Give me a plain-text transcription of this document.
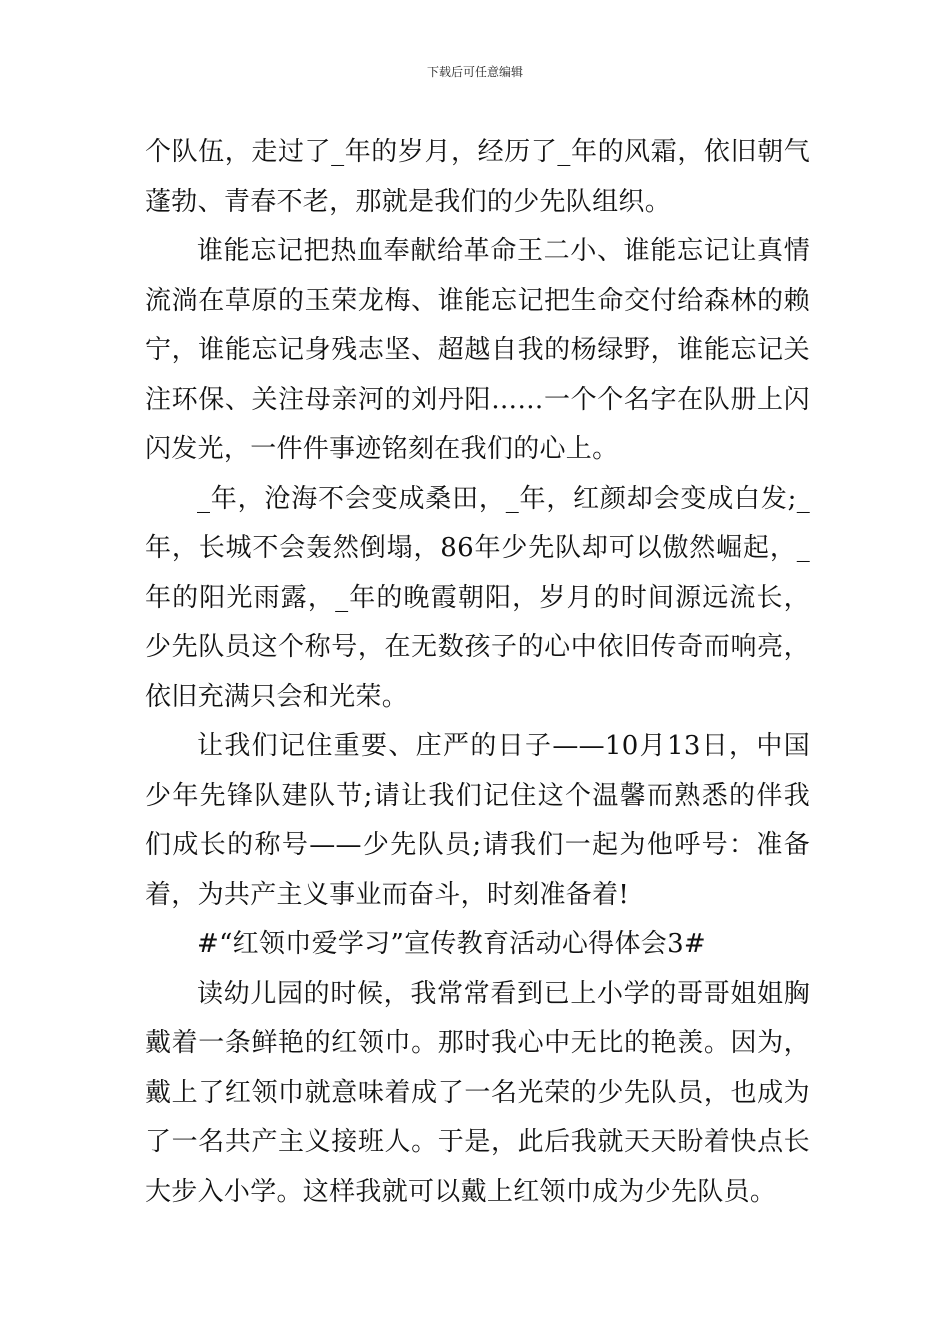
下载后可任意编辑

个队伍，走过了_年的岁月，经历了_年的风霜，依旧朝气蓬勃、青春不老，那就是我们的少先队组织。

谁能忘记把热血奉献给革命王二小、谁能忘记让真情流淌在草原的玉荣龙梅、谁能忘记把生命交付给森林的赖宁，谁能忘记身残志坚、超越自我的杨绿野，谁能忘记关注环保、关注母亲河的刘丹阳……一个个名字在队册上闪闪发光，一件件事迹铭刻在我们的心上。

_年，沧海不会变成桑田，_年，红颜却会变成白发;_年，长城不会轰然倒塌，86年少先队却可以傲然崛起，_年的阳光雨露，_年的晚霞朝阳，岁月的时间源远流长，少先队员这个称号，在无数孩子的心中依旧传奇而响亮，依旧充满只会和光荣。

让我们记住重要、庄严的日子——10月13日，中国少年先锋队建队节;请让我们记住这个温馨而熟悉的伴我们成长的称号——少先队员;请我们一起为他呼号：准备着，为共产主义事业而奋斗，时刻准备着!

#“红领巾爱学习”宣传教育活动心得体会3#

读幼儿园的时候，我常常看到已上小学的哥哥姐姐胸戴着一条鲜艳的红领巾。那时我心中无比的艳羡。因为，戴上了红领巾就意味着成了一名光荣的少先队员，也成为了一名共产主义接班人。于是，此后我就天天盼着快点长大步入小学。这样我就可以戴上红领巾成为少先队员。
